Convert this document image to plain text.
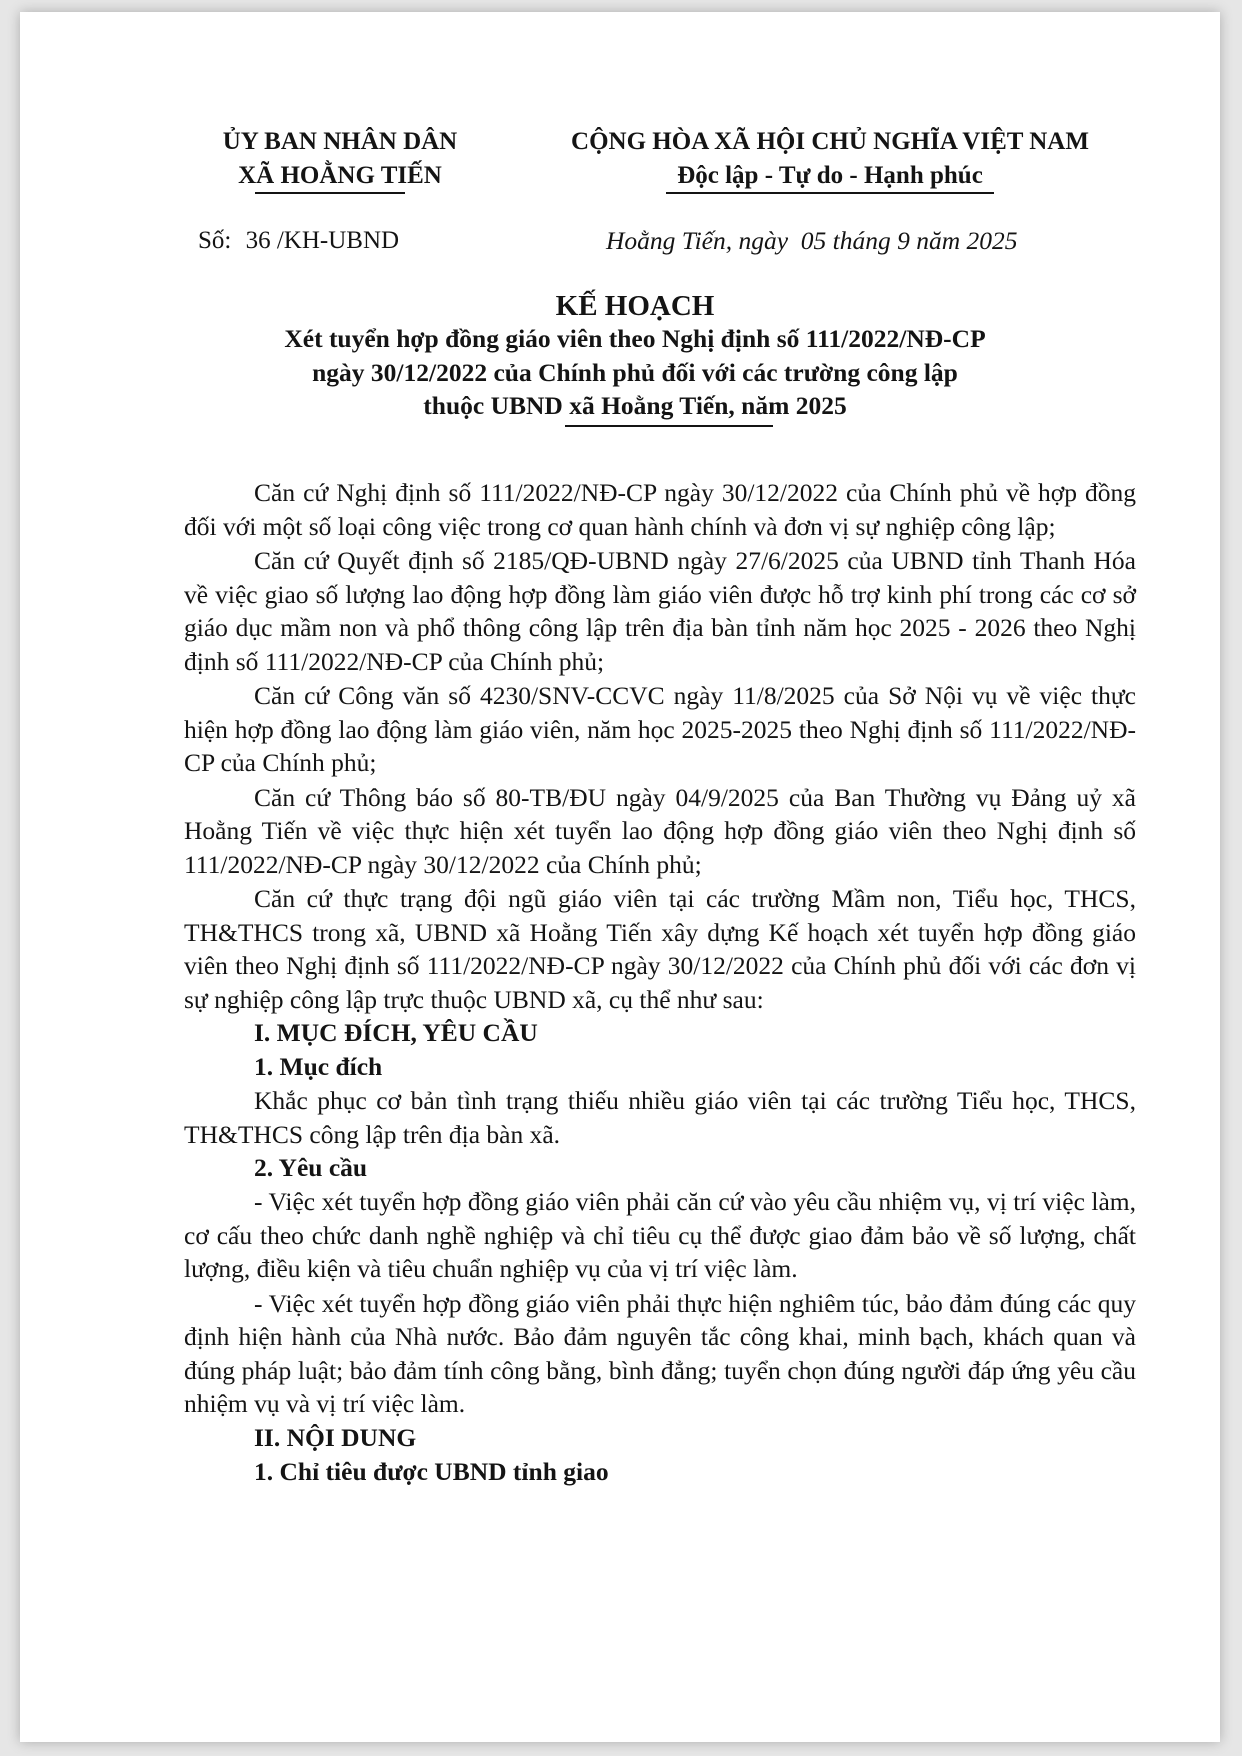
ỦY BAN NHÂN DÂN
XÃ HOẰNG TIẾN
CỘNG HÒA XÃ HỘI CHỦ NGHĨA VIỆT NAM
Độc lập - Tự do - Hạnh phúc
Số: 36 /KH-UBND	Hoằng Tiến, ngày  05 tháng 9 năm 2025
KẾ HOẠCH
Xét tuyển hợp đồng giáo viên theo Nghị định số 111/2022/NĐ-CP
ngày 30/12/2022 của Chính phủ đối với các trường công lập
thuộc UBND xã Hoằng Tiến, năm 2025

Căn cứ Nghị định số 111/2022/NĐ-CP ngày 30/12/2022 của Chính phủ về hợp đồng đối với một số loại công việc trong cơ quan hành chính và đơn vị sự nghiệp công lập;

Căn cứ Quyết định số 2185/QĐ-UBND ngày 27/6/2025 của UBND tỉnh Thanh Hóa về việc giao số lượng lao động hợp đồng làm giáo viên được hỗ trợ kinh phí trong các cơ sở giáo dục mầm non và phổ thông công lập trên địa bàn tỉnh năm học 2025 - 2026 theo Nghị định số 111/2022/NĐ-CP của Chính phủ;

Căn cứ Công văn số 4230/SNV-CCVC ngày 11/8/2025 của Sở Nội vụ về việc thực hiện hợp đồng lao động làm giáo viên, năm học 2025-2025 theo Nghị định số 111/2022/NĐ-CP của Chính phủ;

Căn cứ Thông báo số 80-TB/ĐU ngày 04/9/2025 của Ban Thường vụ Đảng uỷ xã Hoằng Tiến về việc thực hiện xét tuyển lao động hợp đồng giáo viên theo Nghị định số 111/2022/NĐ-CP ngày 30/12/2022 của Chính phủ;

Căn cứ thực trạng đội ngũ giáo viên tại các trường Mầm non, Tiểu học, THCS, TH&THCS trong xã, UBND xã Hoằng Tiến xây dựng Kế hoạch xét tuyển hợp đồng giáo viên theo Nghị định số 111/2022/NĐ-CP ngày 30/12/2022 của Chính phủ đối với các đơn vị sự nghiệp công lập trực thuộc UBND xã, cụ thể như sau:

I. MỤC ĐÍCH, YÊU CẦU
1. Mục đích

Khắc phục cơ bản tình trạng thiếu nhiều giáo viên tại các trường Tiểu học, THCS, TH&THCS công lập trên địa bàn xã.

2. Yêu cầu

- Việc xét tuyển hợp đồng giáo viên phải căn cứ vào yêu cầu nhiệm vụ, vị trí việc làm, cơ cấu theo chức danh nghề nghiệp và chỉ tiêu cụ thể được giao đảm bảo về số lượng, chất lượng, điều kiện và tiêu chuẩn nghiệp vụ của vị trí việc làm.

- Việc xét tuyển hợp đồng giáo viên phải thực hiện nghiêm túc, bảo đảm đúng các quy định hiện hành của Nhà nước. Bảo đảm nguyên tắc công khai, minh bạch, khách quan và đúng pháp luật; bảo đảm tính công bằng, bình đẳng; tuyển chọn đúng người đáp ứng yêu cầu nhiệm vụ và vị trí việc làm.

II. NỘI DUNG
1. Chỉ tiêu được UBND tỉnh giao
